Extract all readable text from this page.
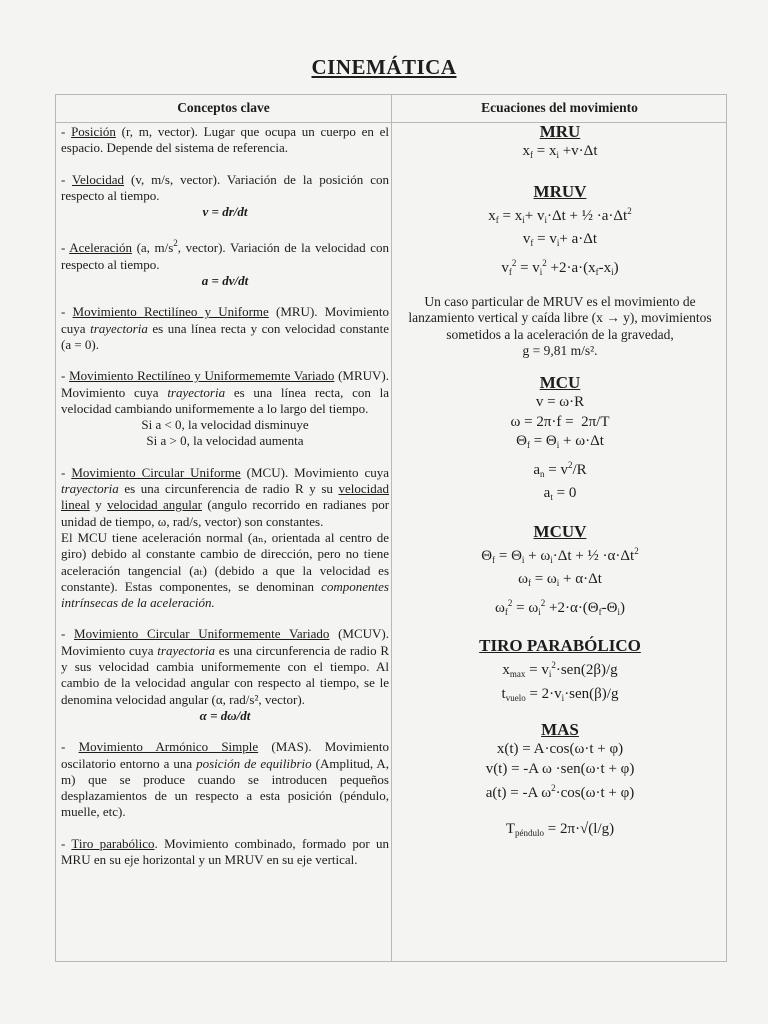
CINEMÁTICA
Conceptos clave	Ecuaciones del movimiento

- Posición (r, m, vector). Lugar que ocupa un cuerpo en el espacio. Depende del sistema de referencia.

- Velocidad (v, m/s, vector). Variación de la posición con respecto al tiempo.

v = dr/dt

- Aceleración (a, $m/s^2$, vector). Variación de la velocidad con respecto al tiempo.

a = dv/dt

- Movimiento Rectilíneo y Uniforme (MRU). Movimiento cuya trayectoria es una línea recta y con velocidad constante (a = 0).

- Movimiento Rectilíneo y Uniformememte Variado (MRUV). Movimiento cuya trayectoria es una línea recta, con la velocidad cambiando uniformemente a lo largo del tiempo.

Si a < 0, la velocidad disminuye

Si a > 0, la velocidad aumenta

- Movimiento Circular Uniforme (MCU). Movimiento cuya trayectoria es una circunferencia de radio R y su velocidad lineal y velocidad angular (angulo recorrido en radianes por unidad de tiempo, ω, rad/s, vector) son constantes.

El MCU tiene aceleración normal (aₙ, orientada al centro de giro) debido al constante cambio de dirección, pero no tiene aceleración tangencial (aₜ) (debido a que la velocidad es constante). Estas componentes, se denominan componentes intrínsecas de la aceleración.

- Movimiento Circular Uniformemente Variado (MCUV). Movimiento cuya trayectoria es una circunferencia de radio R y sus velocidad cambia uniformemente con el tiempo. Al cambio de la velocidad angular con respecto al tiempo, se le denomina velocidad angular (α, rad/s², vector).

α = dω/dt

- Movimiento Armónico Simple (MAS). Movimiento oscilatorio entorno a una posición de equilibrio (Amplitud, A, m) que se produce cuando se introducen pequeños desplazamientos de un respecto a esta posición (péndulo, muelle, etc).

- Tiro parabólico. Movimiento combinado, formado por un MRU en su eje horizontal y un MRUV en su eje vertical.

MRU
$x_f = x_i +v\cdot\Delta t$
MRUV
$x_f = x_i+ v_i\cdot\Delta t$ + ½ $\cdot a\cdot\Delta t^2$
$v_f = v_i+ a\cdot\Delta t$
$v_f^2 = v_i^2 +2\cdot a\cdot(x_f-x_i)$
Un caso particular de MRUV es el movimiento de lanzamiento vertical y caída libre (x → y), movimientos sometidos a la aceleración de la gravedad,
g = 9,81 m/s².
MCU
v = ω·R
ω = 2π·f =  2π/T
$\Theta_f = \Theta_i + \omega\cdot\Delta t$
$a_n = v^2/R$
$a_t = 0$
MCUV
$\Theta_f = \Theta_i + \omega_i\cdot\Delta t$ + ½ $\cdot\alpha\cdot\Delta t^2$
$\omega_f = \omega_i + \alpha\cdot\Delta t$
$\omega_f^2 = \omega_i^2 +2\cdot\alpha\cdot(\Theta_f-\Theta_i)$
TIRO PARABÓLICO
$x_{max} = v_i^2\cdot sen(2\beta)/g$
$t_{vuelo} = 2\cdot v_i\cdot sen(\beta)/g$
MAS
x(t) = A·cos(ω·t + φ)
v(t) = -A ω ·sen(ω·t + φ)
a(t) = -A $\omega^2\cdot\cos(\omega\cdot t + \varphi)$
$T_{péndulo} = 2\pi\cdot√(l/g)$
